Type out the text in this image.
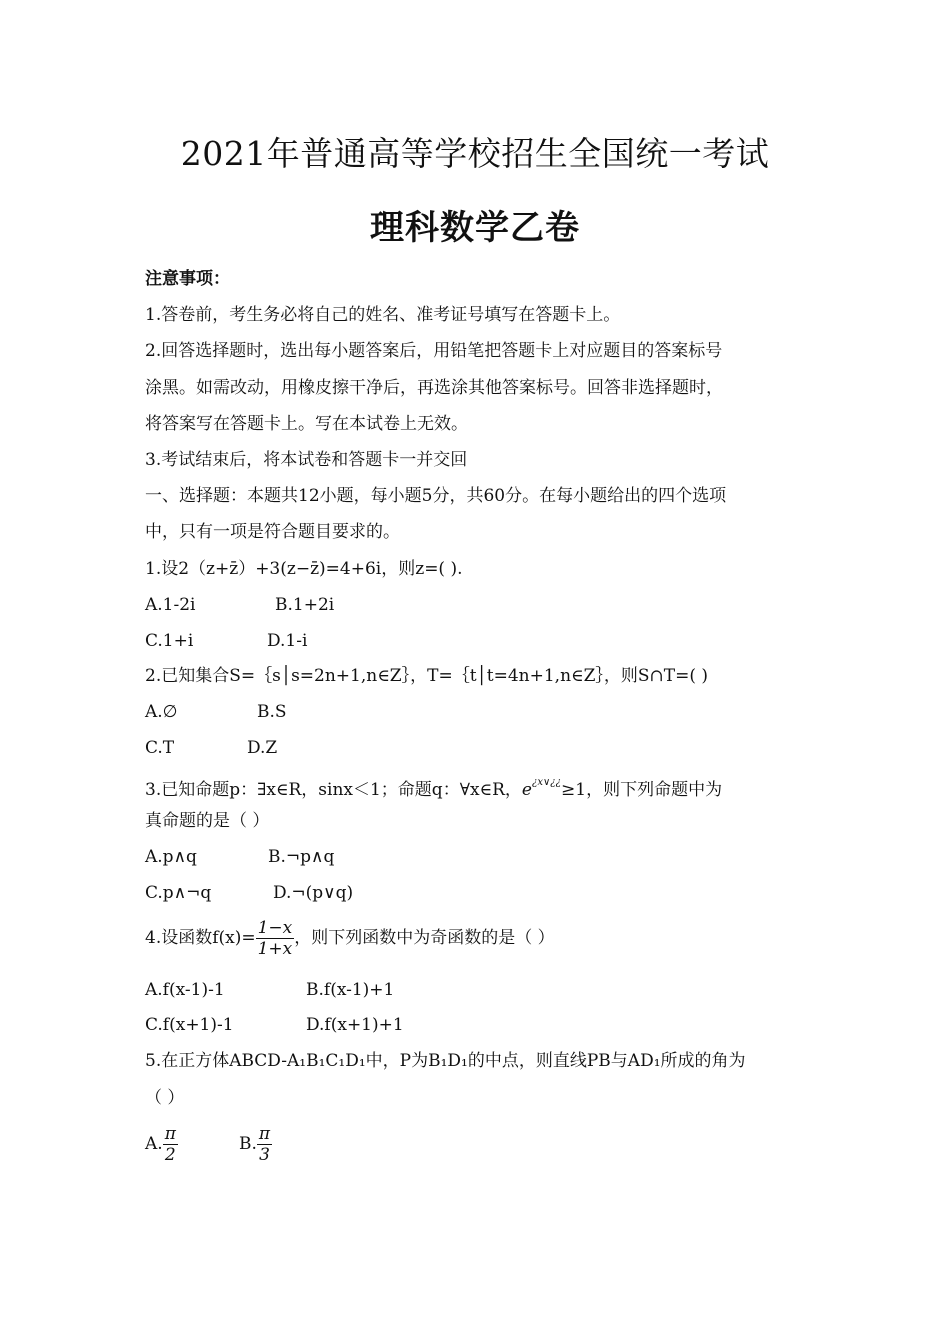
2021年普通高等学校招生全国统一考试
理科数学乙卷
注意事项：
1.答卷前，考生务必将自己的姓名、准考证号填写在答题卡上。
2.回答选择题时，选出每小题答案后，用铅笔把答题卡上对应题目的答案标号
涂黑。如需改动，用橡皮擦干净后，再选涂其他答案标号。回答非选择题时，
将答案写在答题卡上。写在本试卷上无效。
3.考试结束后，将本试卷和答题卡一并交回
一、选择题：本题共12小题，每小题5分，共60分。在每小题给出的四个选项
中，只有一项是符合题目要求的。
1.设2（z+z̄）+3(z−z̄)=4+6i，则z=( ).
A.1-2i	B.1+2i
C.1+i	D.1-i
2.已知集合S=｛s│s=2n+1,n∈Z｝，T=｛t│t=4n+1,n∈Z｝，则S∩T=( )
A.∅	B.S
C.T	D.Z
3.已知命题p：∃x∈R，sinx＜1；命题q：∀x∈R，$e^{¿x\vee¿¿}\ge 1$，则下列命题中为
真命题的是（ ）
A.p∧q	B.¬p∧q
C.p∧¬q	D.¬(p∨q)
4.设函数$f(x)= \frac{1-x}{1+x}$ ，则下列函数中为奇函数的是（ ）
A.f(x-1)-1	B.f(x-1)+1
C.f(x+1)-1	D.f(x+1)+1
5.在正方体ABCD-A₁B₁C₁D₁中，P为B₁D₁的中点，则直线PB与AD₁所成的角为
（ ）
A. $\frac{\pi}{2}$	B. $\frac{\pi}{3}$
